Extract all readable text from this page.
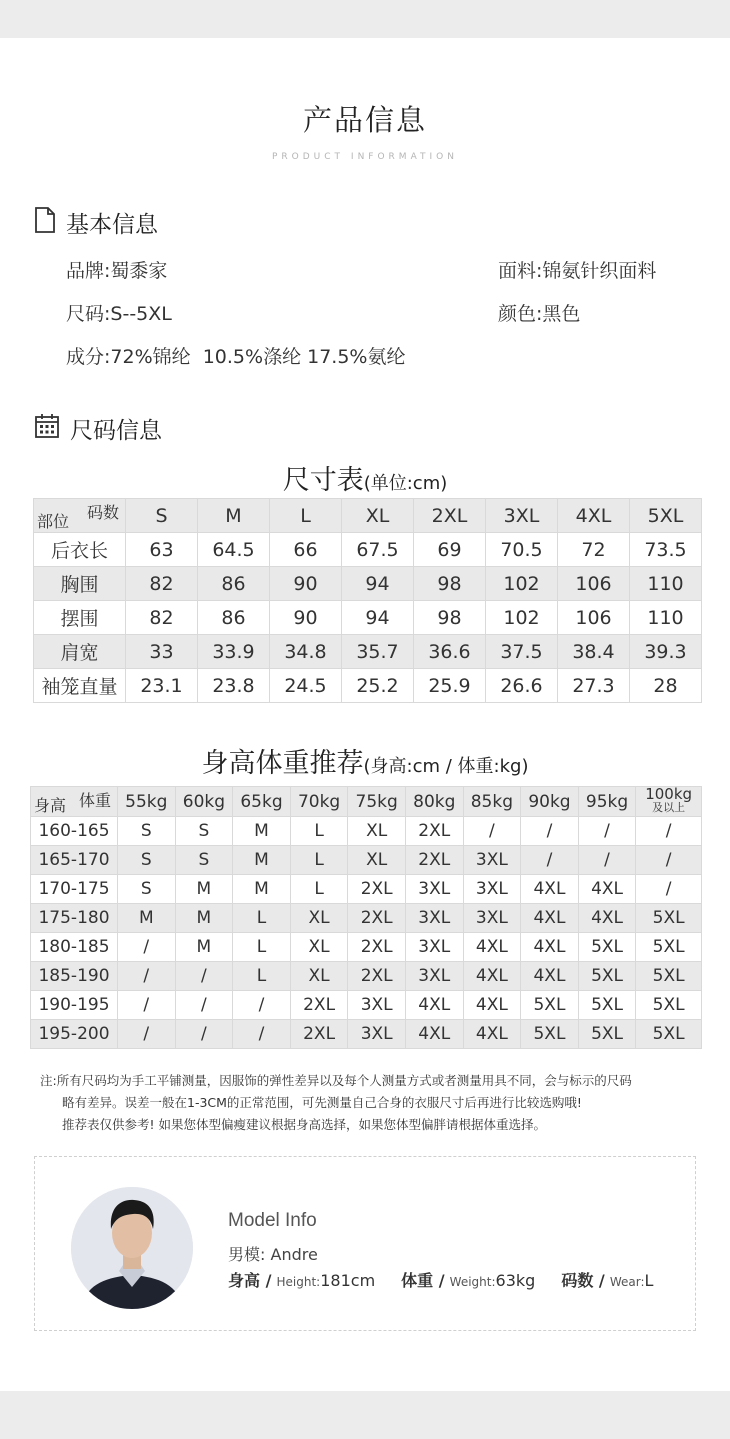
产品信息
PRODUCT INFORMATION
基本信息
品牌:蜀黍家	面料:锦氨针织面料
尺码:S--5XL	颜色:黑色
成分:72%锦纶  10.5%涤纶 17.5%氨纶
尺码信息
尺寸表(单位:cm)
码数
部位	S	M	L	XL	2XL	3XL	4XL	5XL
后衣长	63	64.5	66	67.5	69	70.5	72	73.5
胸围	82	86	90	94	98	102	106	110
摆围	82	86	90	94	98	102	106	110
肩宽	33	33.9	34.8	35.7	36.6	37.5	38.4	39.3
袖笼直量	23.1	23.8	24.5	25.2	25.9	26.6	27.3	28
身高体重推荐(身高:cm / 体重:kg)
体重
身高	55kg	60kg	65kg	70kg	75kg	80kg	85kg	90kg	95kg	100kg
及以上

160-165	S	S	M	L	XL	2XL	/	/	/	/
165-170	S	S	M	L	XL	2XL	3XL	/	/	/
170-175	S	M	M	L	2XL	3XL	3XL	4XL	4XL	/
175-180	M	M	L	XL	2XL	3XL	3XL	4XL	4XL	5XL
180-185	/	M	L	XL	2XL	3XL	4XL	4XL	5XL	5XL
185-190	/	/	L	XL	2XL	3XL	4XL	4XL	5XL	5XL
190-195	/	/	/	2XL	3XL	4XL	4XL	5XL	5XL	5XL
195-200	/	/	/	2XL	3XL	4XL	4XL	5XL	5XL	5XL
注:所有尺码均为手工平铺测量，因服饰的弹性差异以及每个人测量方式或者测量用具不同，会与标示的尺码
略有差异。误差一般在1-3CM的正常范围，可先测量自己合身的衣服尺寸后再进行比较选购哦!
推荐表仅供参考! 如果您体型偏瘦建议根据身高选择，如果您体型偏胖请根据体重选择。
Model Info
男模: Andre
身高 / Height:181cm 体重 / Weight:63kg 码数 / Wear:L
